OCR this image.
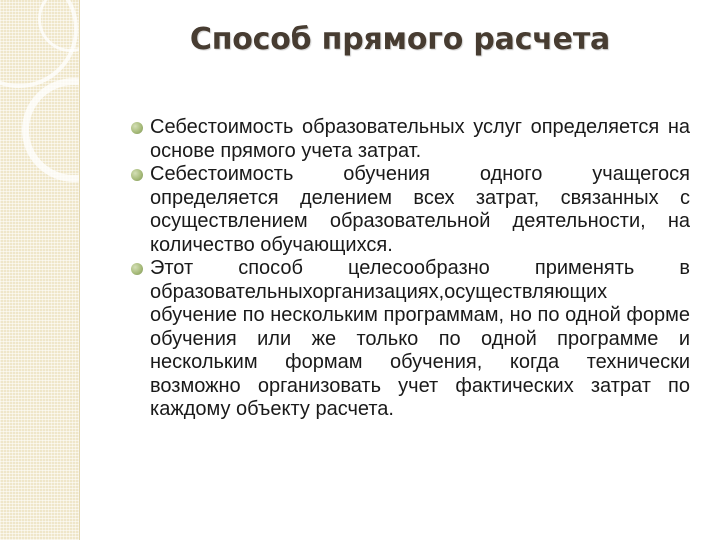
Способ прямого расчета
Себестоимость образовательных услуг определяется на основе прямого учета затрат.
Себестоимость обучения одного учащегося определяется делением всех затрат, связанных с осуществлением образовательной деятельности, на количество обучающихся.
Этот способ целесообразно применять в образовательныхорганизациях,осуществляющих обучение по нескольким программам, но по одной форме обучения или же только по одной программе и нескольким формам обучения, когда технически возможно организовать учет фактических затрат по каждому объекту расчета.
